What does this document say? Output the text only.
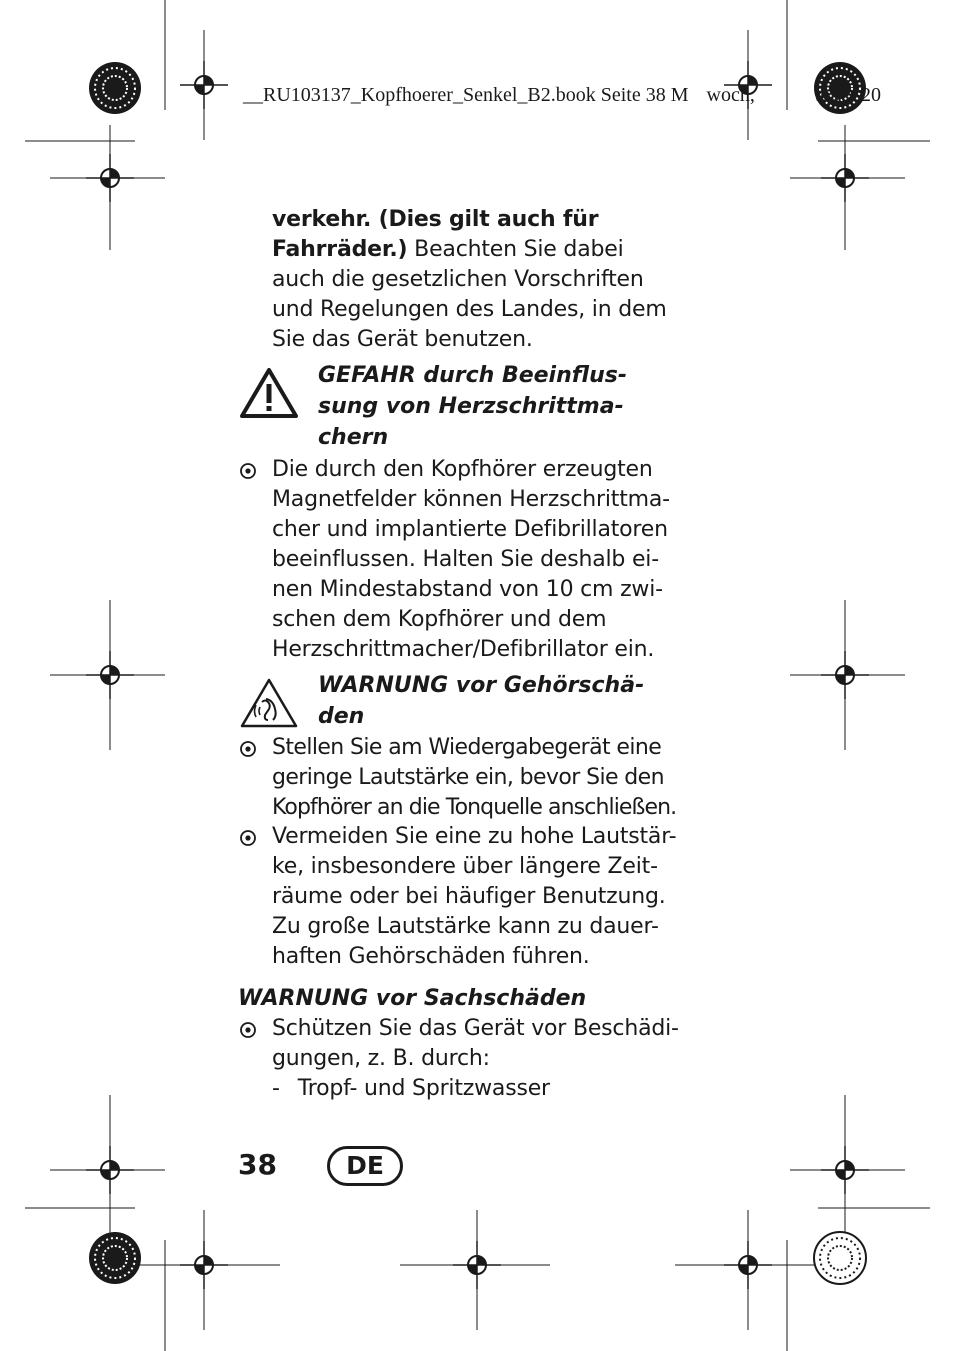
__RU103137_Kopfhoerer_Senkel_B2.book Seite 38 M woch,	tober 20
verkehr. (Dies gilt auch für
Fahrräder.) Beachten Sie dabei
auch die gesetzlichen Vorschriften
und Regelungen des Landes, in dem
Sie das Gerät benutzen.
GEFAHR durch Beeinflus-
sung von Herzschrittma-
chern
Die durch den Kopfhörer erzeugten
Magnetfelder können Herzschrittma-
cher und implantierte Defibrillatoren
beeinflussen. Halten Sie deshalb ei-
nen Mindestabstand von 10 cm zwi-
schen dem Kopfhörer und dem
Herzschrittmacher/Defibrillator ein.
WARNUNG vor Gehörschä-
den
Stellen Sie am Wiedergabegerät eine
geringe Lautstärke ein, bevor Sie den
Kopfhörer an die Tonquelle anschließen.
Vermeiden Sie eine zu hohe Lautstär-
ke, insbesondere über längere Zeit-
räume oder bei häufiger Benutzung.
Zu große Lautstärke kann zu dauer-
haften Gehörschäden führen.
WARNUNG vor Sachschäden
Schützen Sie das Gerät vor Beschädi-
gungen, z. B. durch:
- Tropf- und Spritzwasser
38	DE
